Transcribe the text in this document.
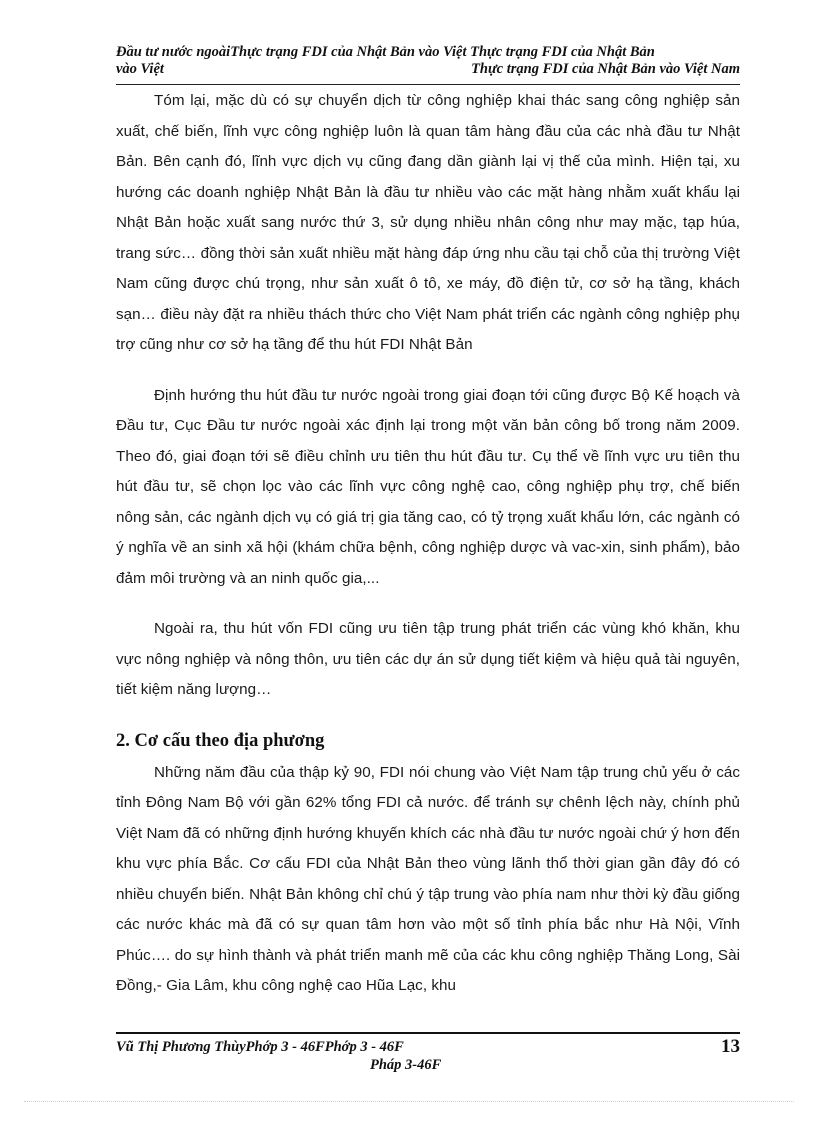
Đầu tư nước ngoàiThực trạng FDI của Nhật Bản vào Việt Thực trạng FDI của Nhật Bản
vào Việt	Thực trạng FDI của Nhật Bản vào Việt Nam

Tóm lại, mặc dù có sự chuyển dịch từ công nghiệp khai thác sang công nghiệp sản xuất, chế biến, lĩnh vực công nghiệp luôn là quan tâm hàng đầu của các nhà đầu tư Nhật Bản. Bên cạnh đó, lĩnh vực dịch vụ cũng đang dần giành lại vị thế của mình. Hiện tại, xu hướng các doanh nghiệp Nhật Bản là đầu tư nhiều vào các mặt hàng nhằm xuất khẩu lại Nhật Bản hoặc xuất sang nước thứ 3, sử dụng nhiều nhân công như may mặc, tạp húa, trang sức… đồng thời sản xuất nhiều mặt hàng đáp ứng nhu cầu tại chỗ của thị trường Việt Nam cũng được chú trọng, như sản xuất ô tô, xe máy, đồ điện tử, cơ sở hạ tầng, khách sạn… điều này đặt ra nhiều thách thức cho Việt Nam phát triển các ngành công nghiệp phụ trợ cũng như cơ sở hạ tầng để thu hút FDI Nhật Bản

Định hướng thu hút đầu tư nước ngoài trong giai đoạn tới cũng được Bộ Kế hoạch và Đầu tư, Cục Đầu tư nước ngoài xác định lại trong một văn bản công bố trong năm 2009. Theo đó, giai đoạn tới sẽ điều chỉnh ưu tiên thu hút đầu tư. Cụ thể về lĩnh vực ưu tiên thu hút đầu tư, sẽ chọn lọc vào các lĩnh vực công nghệ cao, công nghiệp phụ trợ, chế biến nông sản, các ngành dịch vụ có giá trị gia tăng cao, có tỷ trọng xuất khẩu lớn, các ngành có ý nghĩa về an sinh xã hội (khám chữa bệnh, công nghiệp dược và vac-xin, sinh phẩm), bảo đảm môi trường và an ninh quốc gia,...

Ngoài ra, thu hút vốn FDI cũng ưu tiên tập trung phát triển các vùng khó khăn, khu vực nông nghiệp và nông thôn, ưu tiên các dự án sử dụng tiết kiệm và hiệu quả tài nguyên, tiết kiệm năng lượng…

2. Cơ cấu theo địa phương

Những năm đầu của thập kỷ 90, FDI nói chung vào Việt Nam tập trung chủ yếu ở các tỉnh Đông Nam Bộ với gần 62% tổng FDI cả nước. để tránh sự chênh lệch này, chính phủ Việt Nam đã có những định hướng khuyến khích các nhà đầu tư nước ngoài chứ ý hơn đến khu vực phía Bắc. Cơ cấu FDI của Nhật Bản theo vùng lãnh thổ thời gian gần đây đó có nhiều chuyển biến. Nhật Bản không chỉ chú ý tập trung vào phía nam như thời kỳ đầu giống các nước khác mà đã có sự quan tâm hơn vào một số tỉnh phía bắc như Hà Nội, Vĩnh Phúc…. do sự hình thành và phát triển manh mẽ của các khu công nghiệp Thăng Long, Sài Đồng,- Gia Lâm, khu công nghệ cao Hũa Lạc, khu

Vũ Thị Phương ThùyPhớp 3 - 46FPhớp 3 - 46F
Pháp 3-46F
13
